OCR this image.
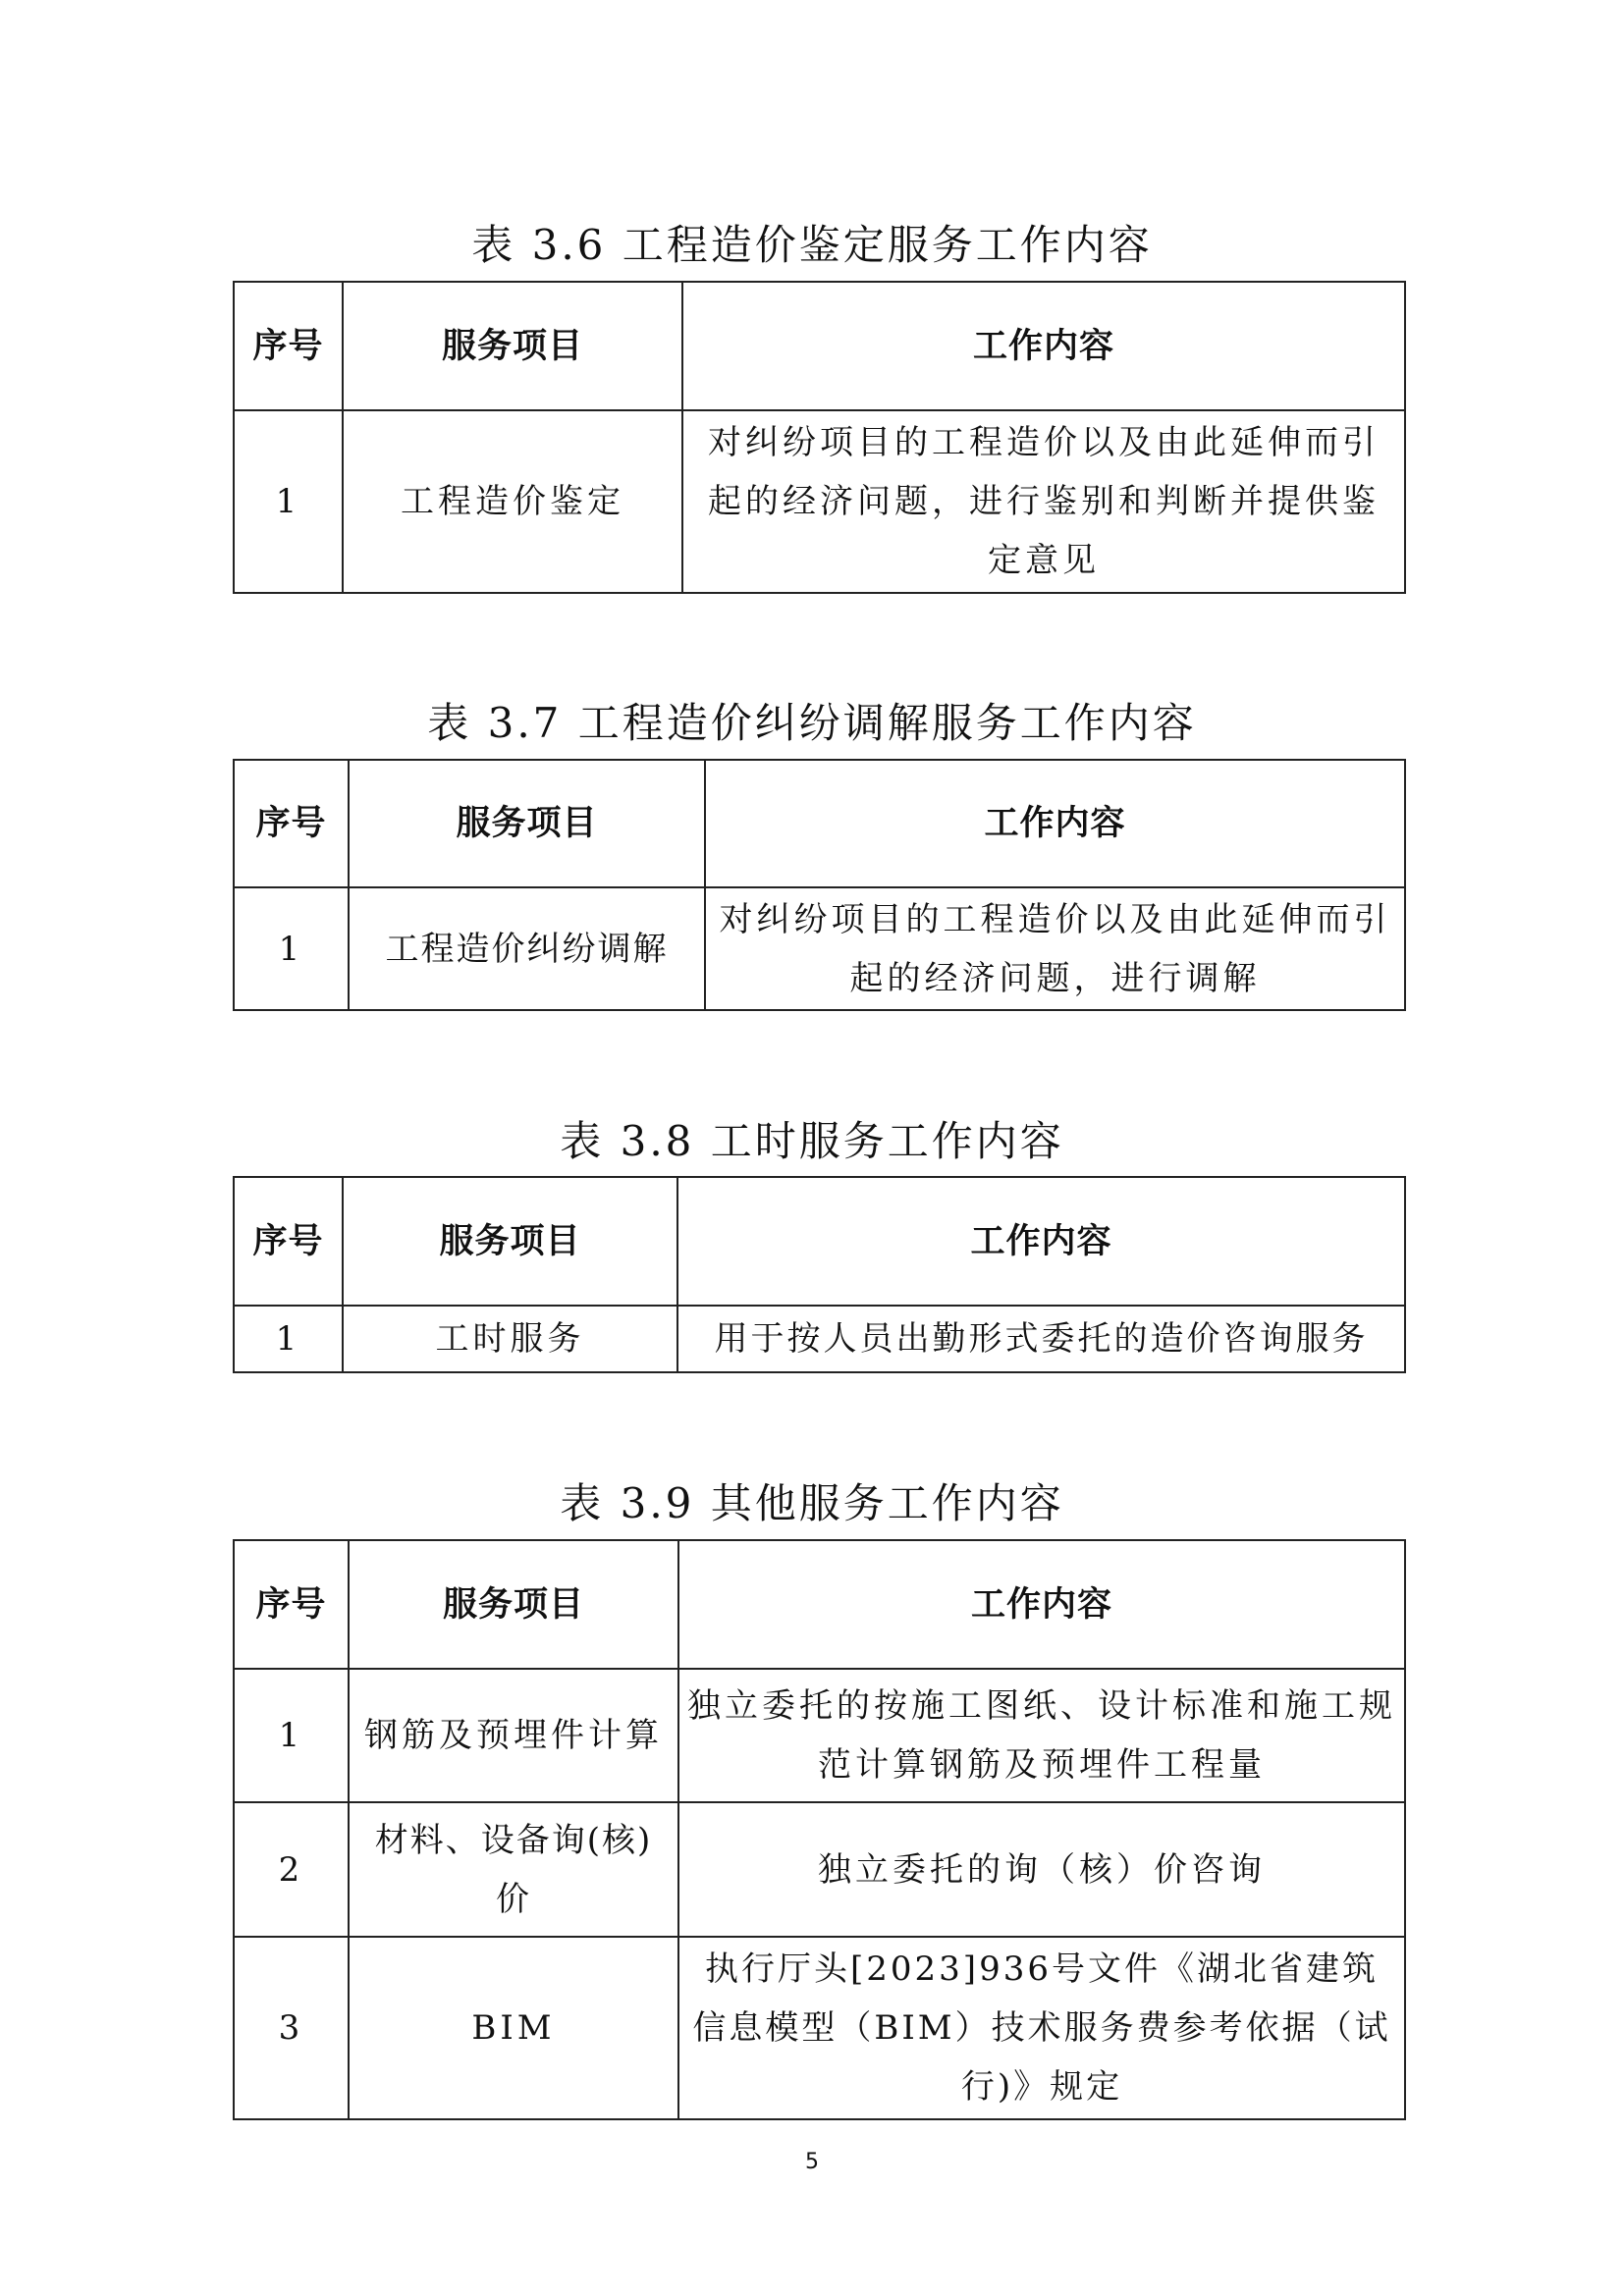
表 3.6 工程造价鉴定服务工作内容
序号	服务项目	工作内容
1	工程造价鉴定	对纠纷项目的工程造价以及由此延伸而引起的经济问题，进行鉴别和判断并提供鉴定意见
表 3.7 工程造价纠纷调解服务工作内容
序号	服务项目	工作内容
1	工程造价纠纷调解	对纠纷项目的工程造价以及由此延伸而引起的经济问题，进行调解
表 3.8 工时服务工作内容
序号	服务项目	工作内容
1	工时服务	用于按人员出勤形式委托的造价咨询服务
表 3.9 其他服务工作内容
序号	服务项目	工作内容
1	钢筋及预埋件计算	独立委托的按施工图纸、设计标准和施工规范计算钢筋及预埋件工程量
2	材料、设备询(核)价	独立委托的询（核）价咨询
3	BIM	执行厅头[2023]936号文件《湖北省建筑信息模型（BIM）技术服务费参考依据（试行)》规定
5
